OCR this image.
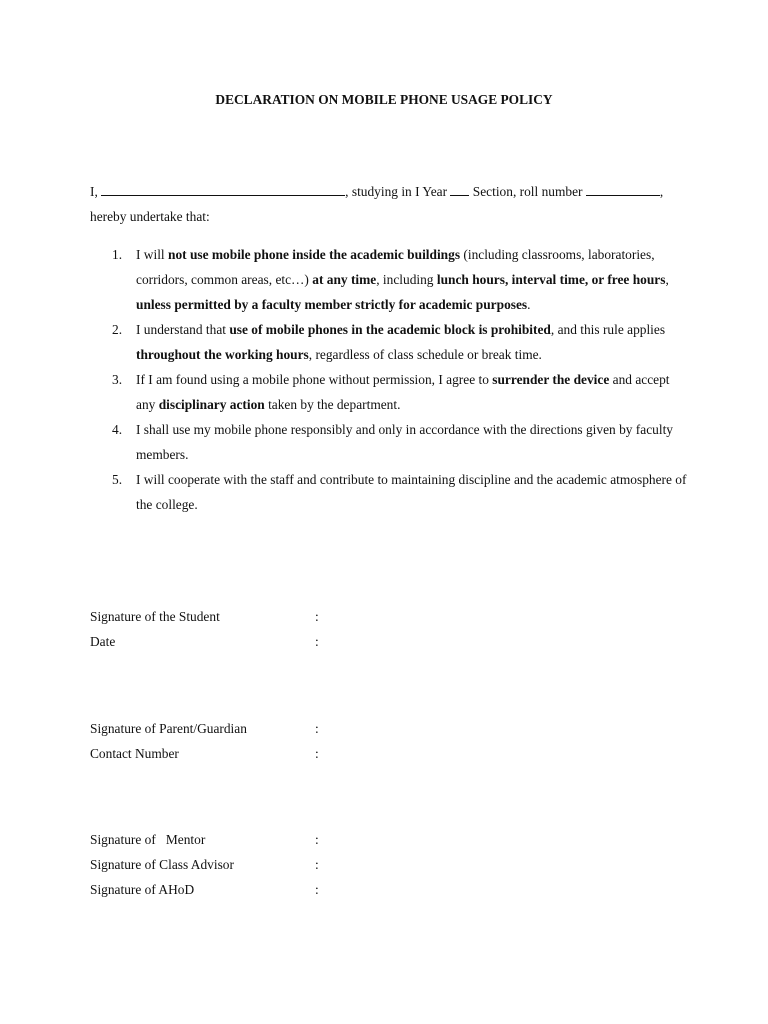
DECLARATION ON MOBILE PHONE USAGE POLICY
I,	, studying in I Year  Section, roll number	,
hereby undertake that:
1. I will not use mobile phone inside the academic buildings (including classrooms, laboratories, corridors, common areas, etc…) at any time, including lunch hours, interval time, or free hours, unless permitted by a faculty member strictly for academic purposes.
2. I understand that use of mobile phones in the academic block is prohibited, and this rule applies throughout the working hours, regardless of class schedule or break time.
3. If I am found using a mobile phone without permission, I agree to surrender the device and accept any disciplinary action taken by the department.
4. I shall use my mobile phone responsibly and only in accordance with the directions given by faculty members.
5. I will cooperate with the staff and contribute to maintaining discipline and the academic atmosphere of the college.
Signature of the Student	:
Date	:
Signature of Parent/Guardian	:
Contact Number	:
Signature of   Mentor	:
Signature of Class Advisor	:
Signature of AHoD	:
